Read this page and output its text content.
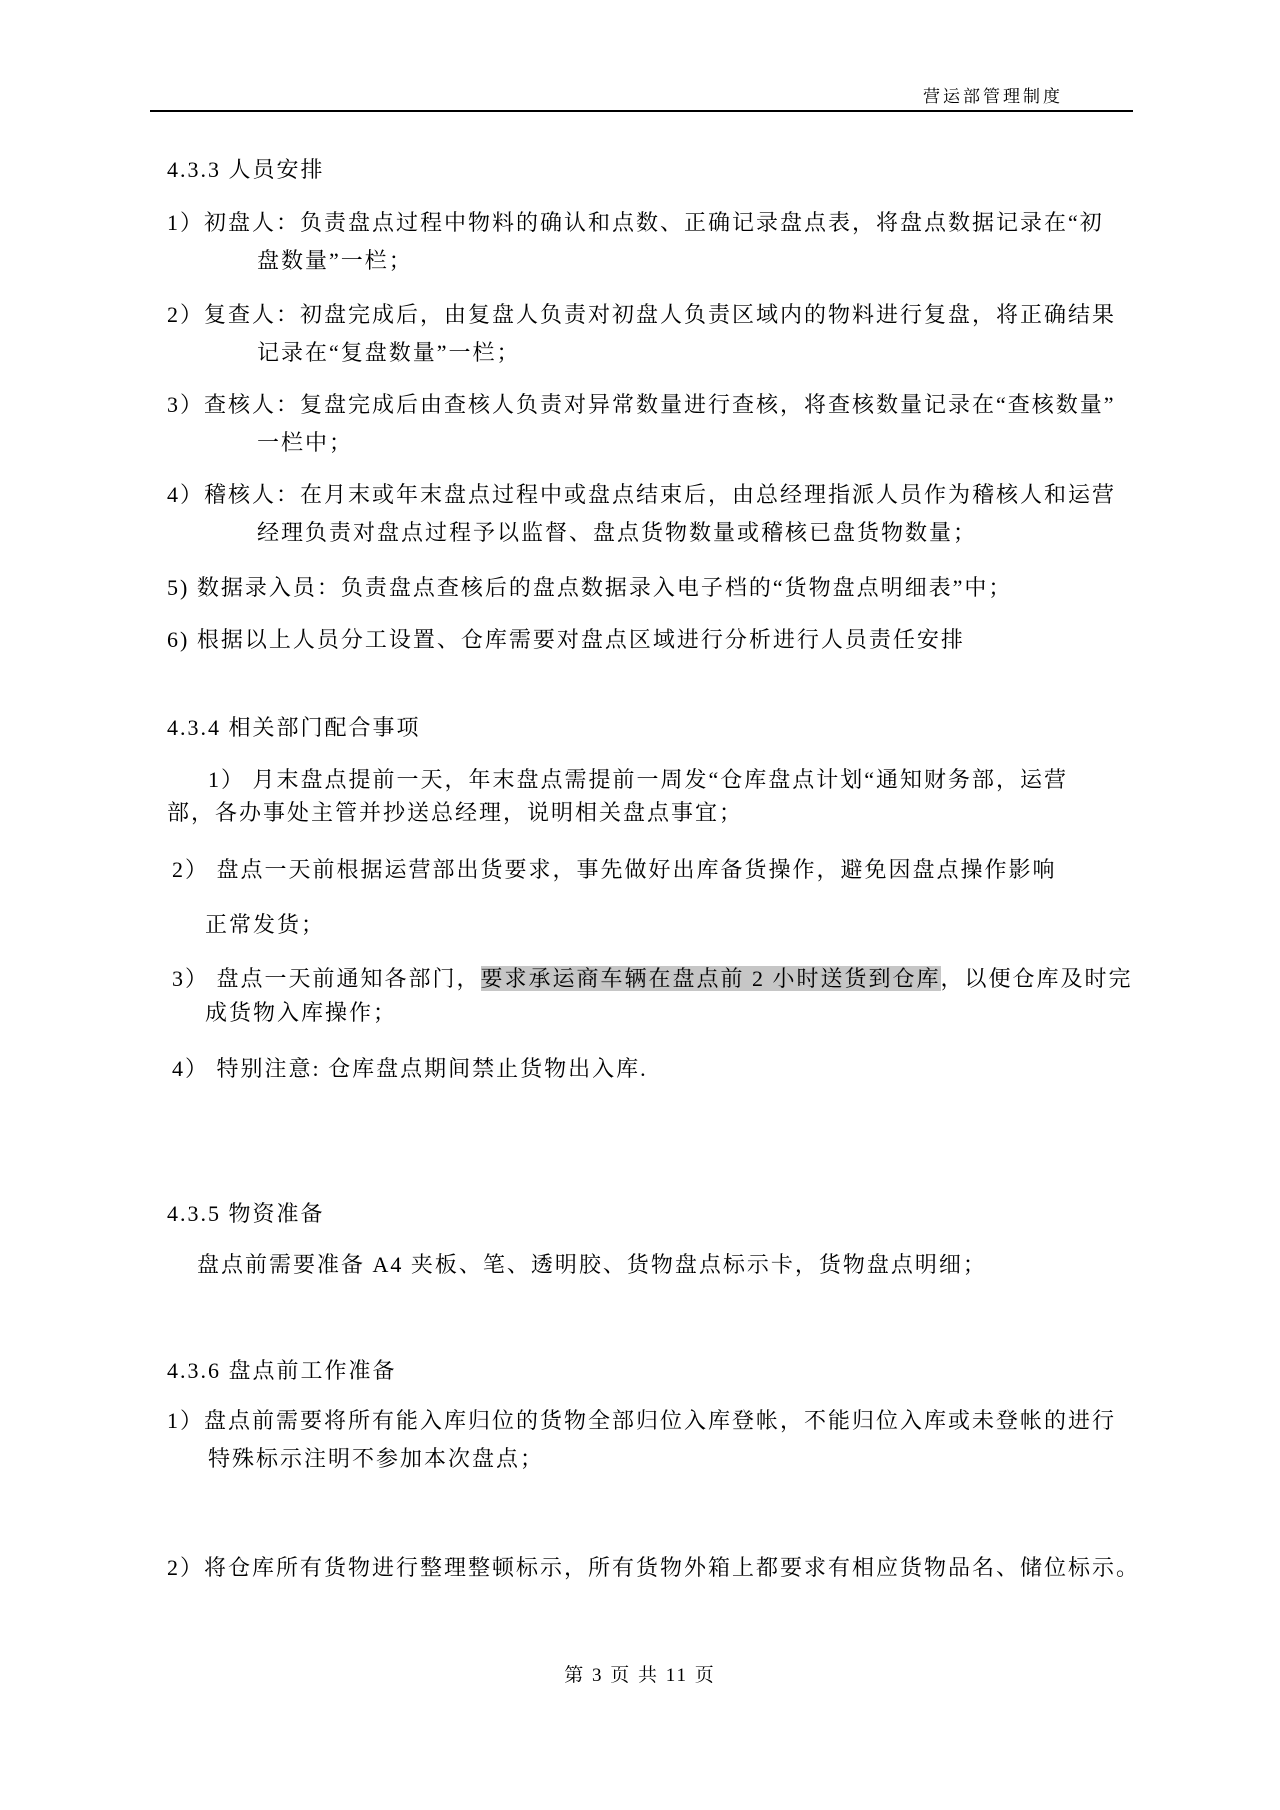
营运部管理制度
4.3.3 人员安排
1）初盘人：负责盘点过程中物料的确认和点数、正确记录盘点表，将盘点数据记录在“初
盘数量”一栏；
2）复查人：初盘完成后，由复盘人负责对初盘人负责区域内的物料进行复盘，将正确结果
记录在“复盘数量”一栏；
3）查核人：复盘完成后由查核人负责对异常数量进行查核，将查核数量记录在“查核数量”
一栏中；
4）稽核人：在月末或年末盘点过程中或盘点结束后，由总经理指派人员作为稽核人和运营
经理负责对盘点过程予以监督、盘点货物数量或稽核已盘货物数量；
5) 数据录入员：负责盘点查核后的盘点数据录入电子档的“货物盘点明细表”中；
6) 根据以上人员分工设置、仓库需要对盘点区域进行分析进行人员责任安排
4.3.4 相关部门配合事项
1） 月末盘点提前一天，年末盘点需提前一周发“仓库盘点计划“通知财务部，运营
部，各办事处主管并抄送总经理，说明相关盘点事宜；
2） 盘点一天前根据运营部出货要求，事先做好出库备货操作，避免因盘点操作影响
正常发货；
3） 盘点一天前通知各部门，要求承运商车辆在盘点前 2 小时送货到仓库，以便仓库及时完
成货物入库操作；
4） 特别注意: 仓库盘点期间禁止货物出入库.
4.3.5 物资准备
盘点前需要准备 A4 夹板、笔、透明胶、货物盘点标示卡，货物盘点明细；
4.3.6 盘点前工作准备
1）盘点前需要将所有能入库归位的货物全部归位入库登帐，不能归位入库或未登帐的进行
特殊标示注明不参加本次盘点；
2）将仓库所有货物进行整理整顿标示，所有货物外箱上都要求有相应货物品名、储位标示。
第 3 页 共 11 页
